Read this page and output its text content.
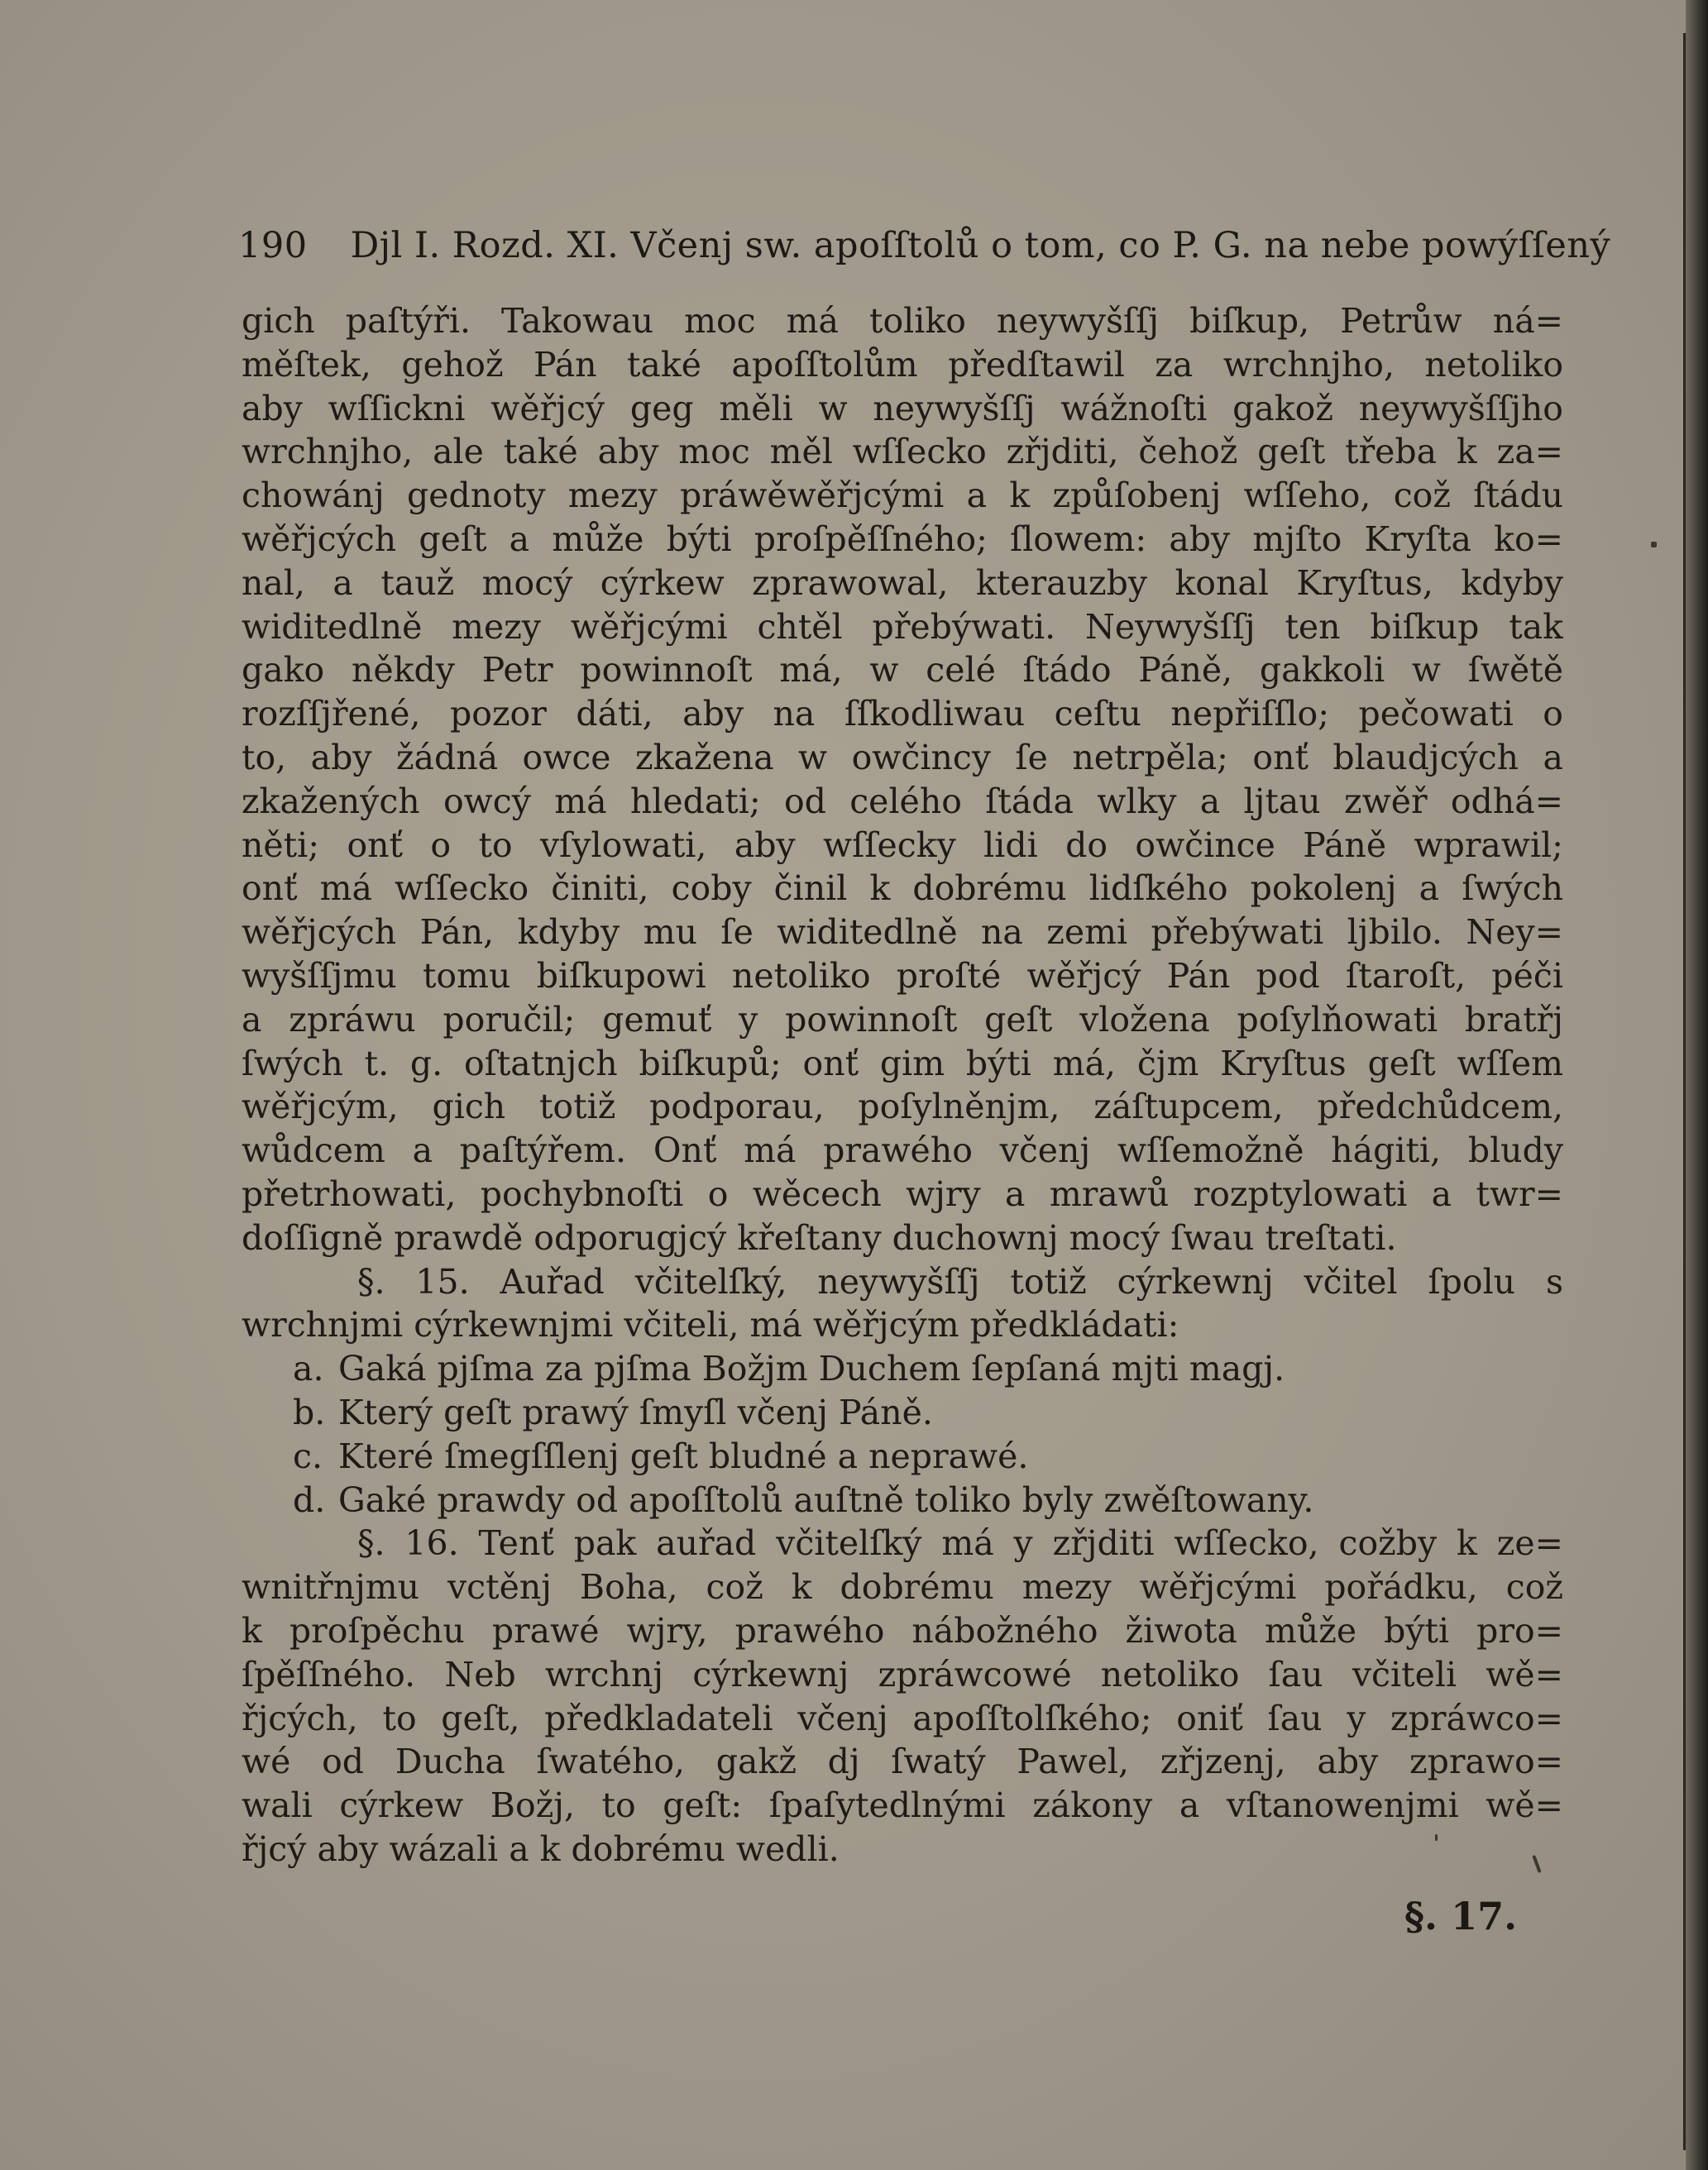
190 Djl I. Rozd. XI. Včenj sw. apoſſtolů o tom, co P. G. na nebe powýſſený
gich paſtýři. Takowau moc má toliko neywyšſſj biſkup, Petrůw ná=
měſtek, gehož Pán také apoſſtolům předſtawil za wrchnjho, netoliko
aby wſſickni wěřjcý geg měli w neywyšſſj wážnoſti gakož neywyšſſjho
wrchnjho, ale také aby moc měl wſſecko zřjditi, čehož geſt třeba k za=
chowánj gednoty mezy práwěwěřjcými a k způſobenj wſſeho, což ſtádu
wěřjcých geſt a může býti proſpěſſného; ſlowem: aby mjſto Kryſta ko=
nal, a tauž mocý cýrkew zprawowal, kterauzby konal Kryſtus, kdyby
widitedlně mezy wěřjcými chtěl přebýwati. Neywyšſſj ten biſkup tak
gako někdy Petr powinnoſt má, w celé ſtádo Páně, gakkoli w ſwětě
rozſſjřené, pozor dáti, aby na ſſkodliwau ceſtu nepřiſſlo; pečowati o
to, aby žádná owce zkažena w owčincy ſe netrpěla; onť blaudjcých a
zkažených owcý má hledati; od celého ſtáda wlky a ljtau zwěř odhá=
něti; onť o to vſylowati, aby wſſecky lidi do owčince Páně wprawil;
onť má wſſecko činiti, coby činil k dobrému lidſkého pokolenj a ſwých
wěřjcých Pán, kdyby mu ſe widitedlně na zemi přebýwati ljbilo. Ney=
wyšſſjmu tomu biſkupowi netoliko proſté wěřjcý Pán pod ſtaroſt, péči
a zpráwu poručil; gemuť y powinnoſt geſt vložena poſylňowati bratřj
ſwých t. g. oſtatnjch biſkupů; onť gim býti má, čjm Kryſtus geſt wſſem
wěřjcým, gich totiž podporau, poſylněnjm, záſtupcem, předchůdcem,
wůdcem a paſtýřem. Onť má prawého včenj wſſemožně hágiti, bludy
přetrhowati, pochybnoſti o wěcech wjry a mrawů rozptylowati a twr=
doſſigně prawdě odporugjcý křeſtany duchownj mocý ſwau treſtati.
§. 15. Auřad včitelſký, neywyšſſj totiž cýrkewnj včitel ſpolu s
wrchnjmi cýrkewnjmi včiteli, má wěřjcým předkládati:
a. Gaká pjſma za pjſma Božjm Duchem ſepſaná mjti magj.
b. Který geſt prawý ſmyſl včenj Páně.
c. Které ſmegſſlenj geſt bludné a neprawé.
d. Gaké prawdy od apoſſtolů auſtně toliko byly zwěſtowany.
§. 16. Tenť pak auřad včitelſký má y zřjditi wſſecko, cožby k ze=
wnitřnjmu vctěnj Boha, což k dobrému mezy wěřjcými pořádku, což
k proſpěchu prawé wjry, prawého nábožného žiwota může býti pro=
ſpěſſného. Neb wrchnj cýrkewnj zpráwcowé netoliko ſau včiteli wě=
řjcých, to geſt, předkladateli včenj apoſſtolſkého; oniť ſau y zpráwco=
wé od Ducha ſwatého, gakž dj ſwatý Pawel, zřjzenj, aby zprawo=
wali cýrkew Božj, to geſt: ſpaſytedlnými zákony a vſtanowenjmi wě=
řjcý aby wázali a k dobrému wedli.
§. 17.
